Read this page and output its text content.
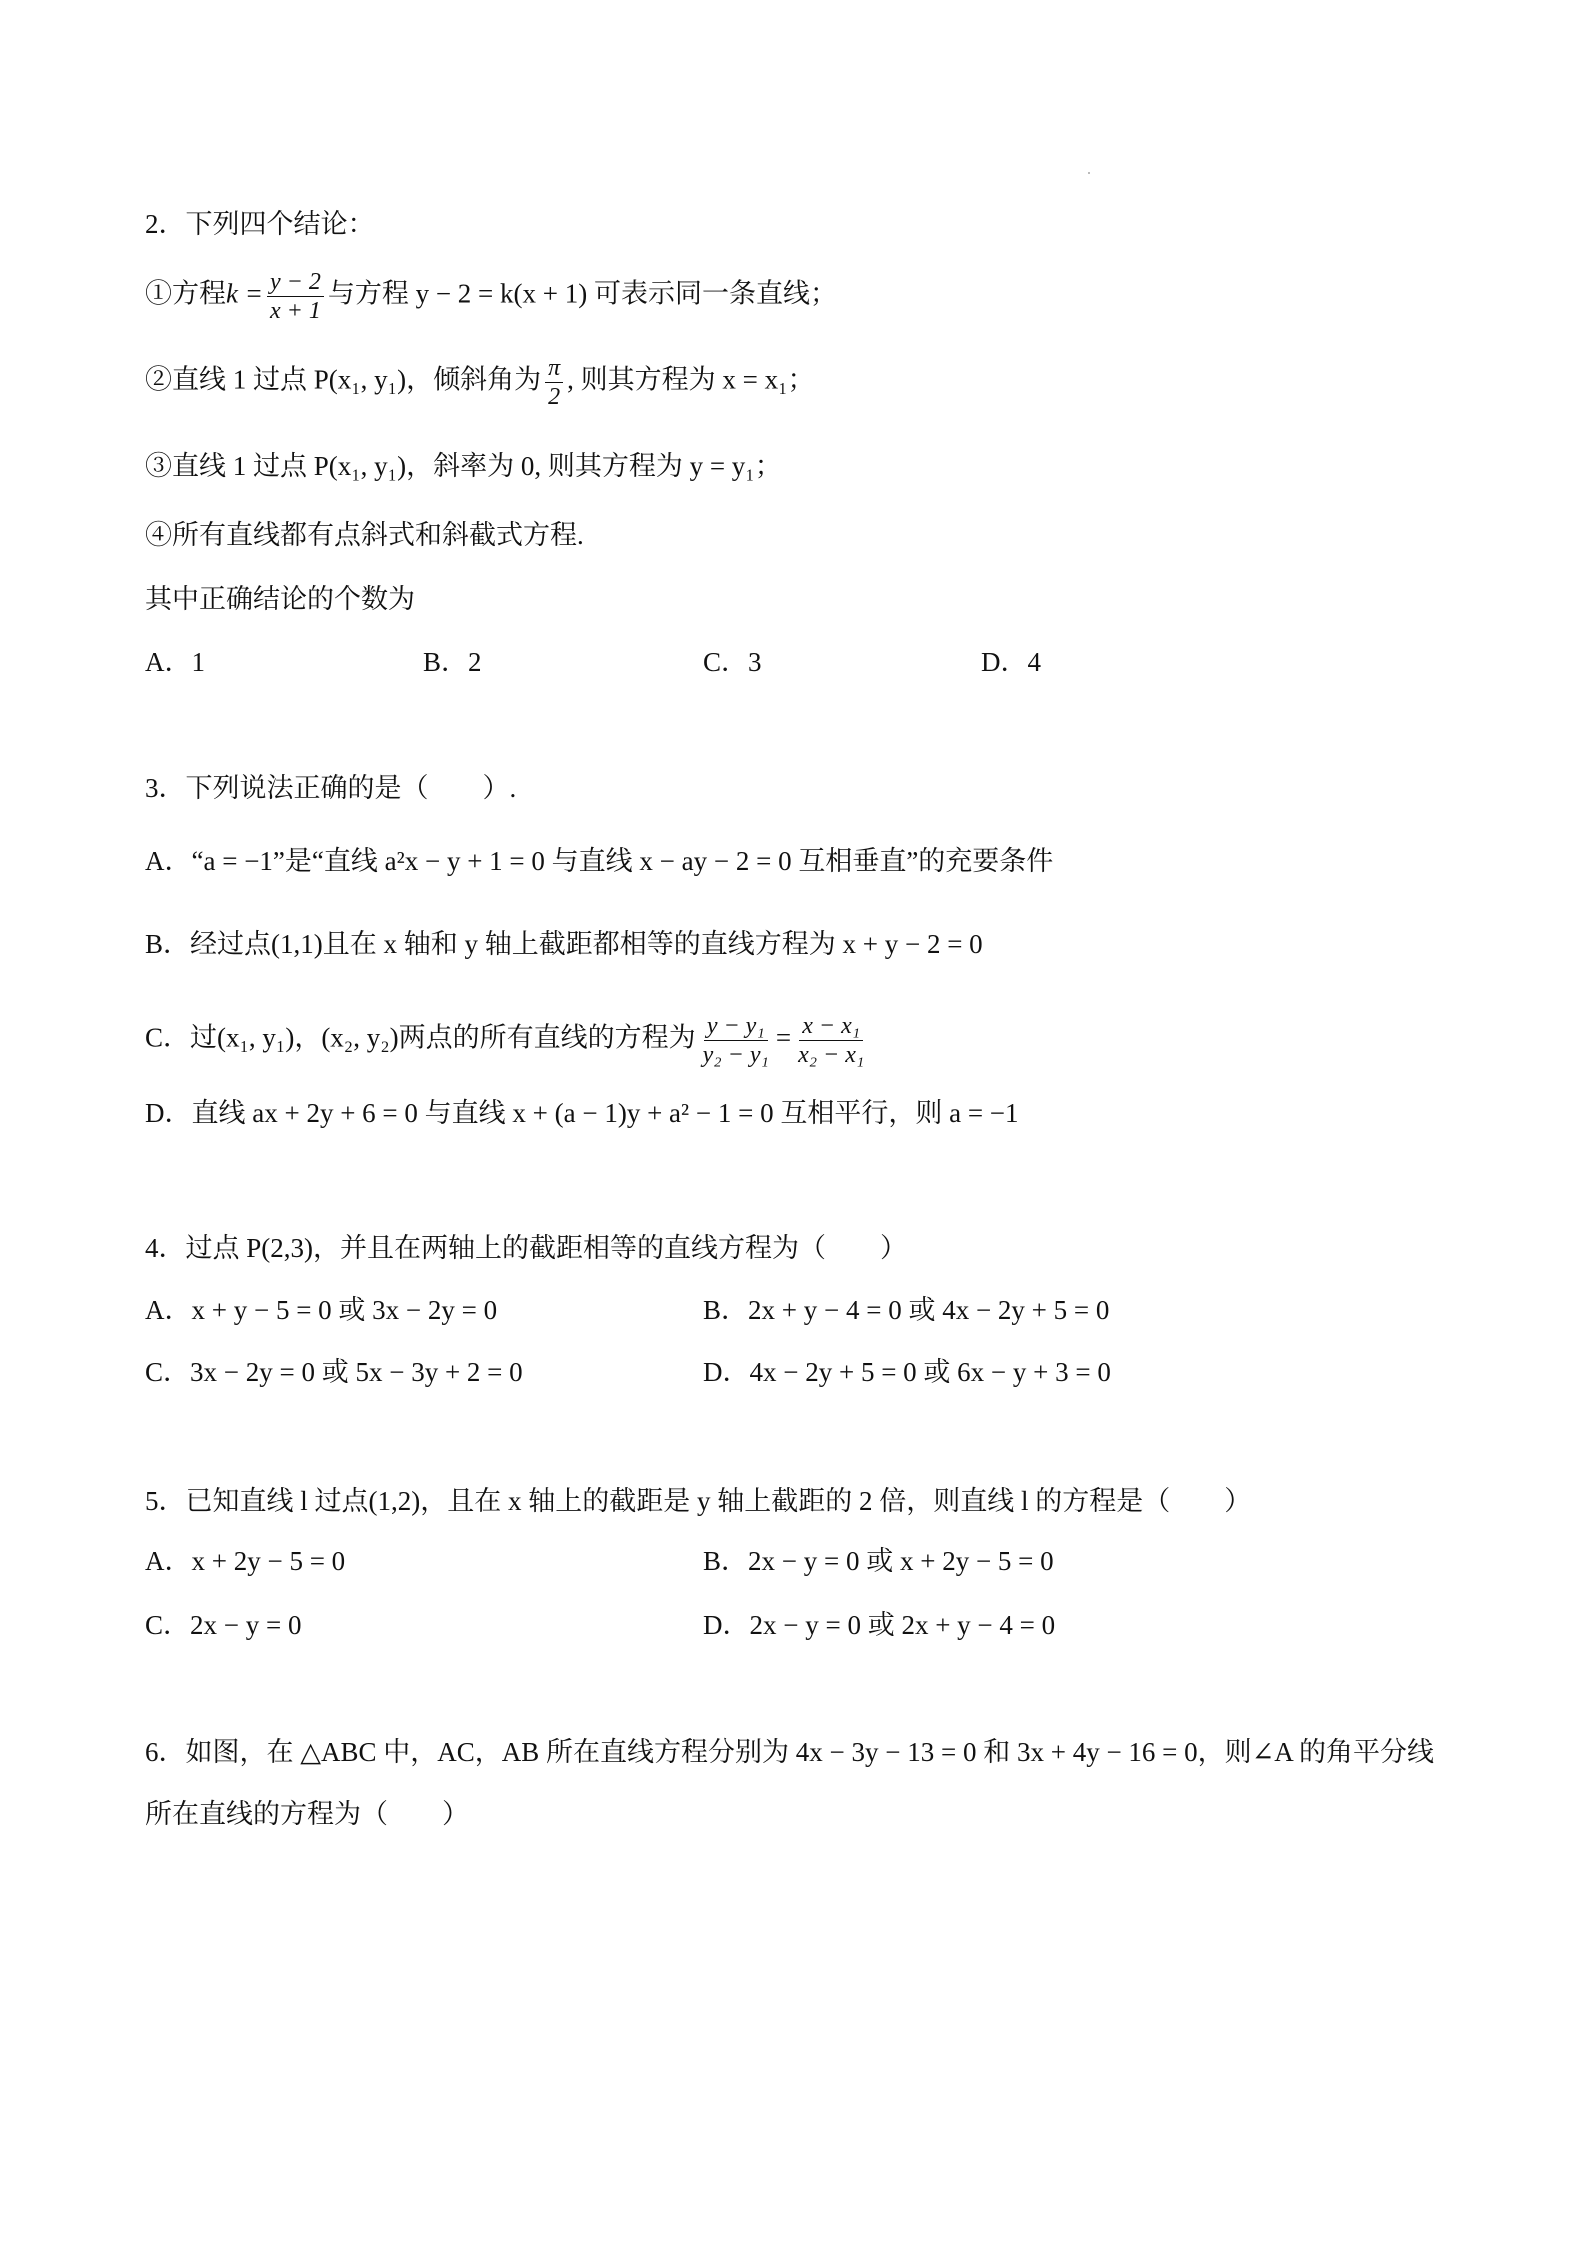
2．下列四个结论：
①方程$k = \frac{y - 2}{x + 1}$ 与方程 y − 2 = k(x + 1) 可表示同一条直线；
②直线 1 过点 P(x₁, y₁)，倾斜角为 $\frac{\pi}{2}$ , 则其方程为 x = x₁；
③直线 1 过点 P(x₁, y₁)，斜率为 0, 则其方程为 y = y₁；
④所有直线都有点斜式和斜截式方程.
其中正确结论的个数为
A．1	B．2	C．3	D．4
3．下列说法正确的是（　　）.
A．“a = −1”是“直线 a²x − y + 1 = 0 与直线 x − ay − 2 = 0 互相垂直”的充要条件
B．经过点(1,1)且在 x 轴和 y 轴上截距都相等的直线方程为 x + y − 2 = 0
C．过(x₁, y₁)，(x₂, y₂)两点的所有直线的方程为 $\frac{\text{y − y₁}}{\text{y₂ − y₁}} = \frac{\text{x − x₁}}{\text{x₂ − x₁}}$
D．直线 ax + 2y + 6 = 0 与直线 x + (a − 1)y + a² − 1 = 0 互相平行，则 a = −1
4．过点 P(2,3)，并且在两轴上的截距相等的直线方程为（　　）
A．x + y − 5 = 0 或 3x − 2y = 0	B．2x + y − 4 = 0 或 4x − 2y + 5 = 0
C．3x − 2y = 0 或 5x − 3y + 2 = 0	D．4x − 2y + 5 = 0 或 6x − y + 3 = 0
5．已知直线 l 过点(1,2)，且在 x 轴上的截距是 y 轴上截距的 2 倍，则直线 l 的方程是（　　）
A．x + 2y − 5 = 0	B．2x − y = 0 或 x + 2y − 5 = 0
C．2x − y = 0	D．2x − y = 0 或 2x + y − 4 = 0
6．如图，在 △ABC 中，AC，AB 所在直线方程分别为 4x − 3y − 13 = 0 和 3x + 4y − 16 = 0，则∠A 的角平分线
所在直线的方程为（　　）
